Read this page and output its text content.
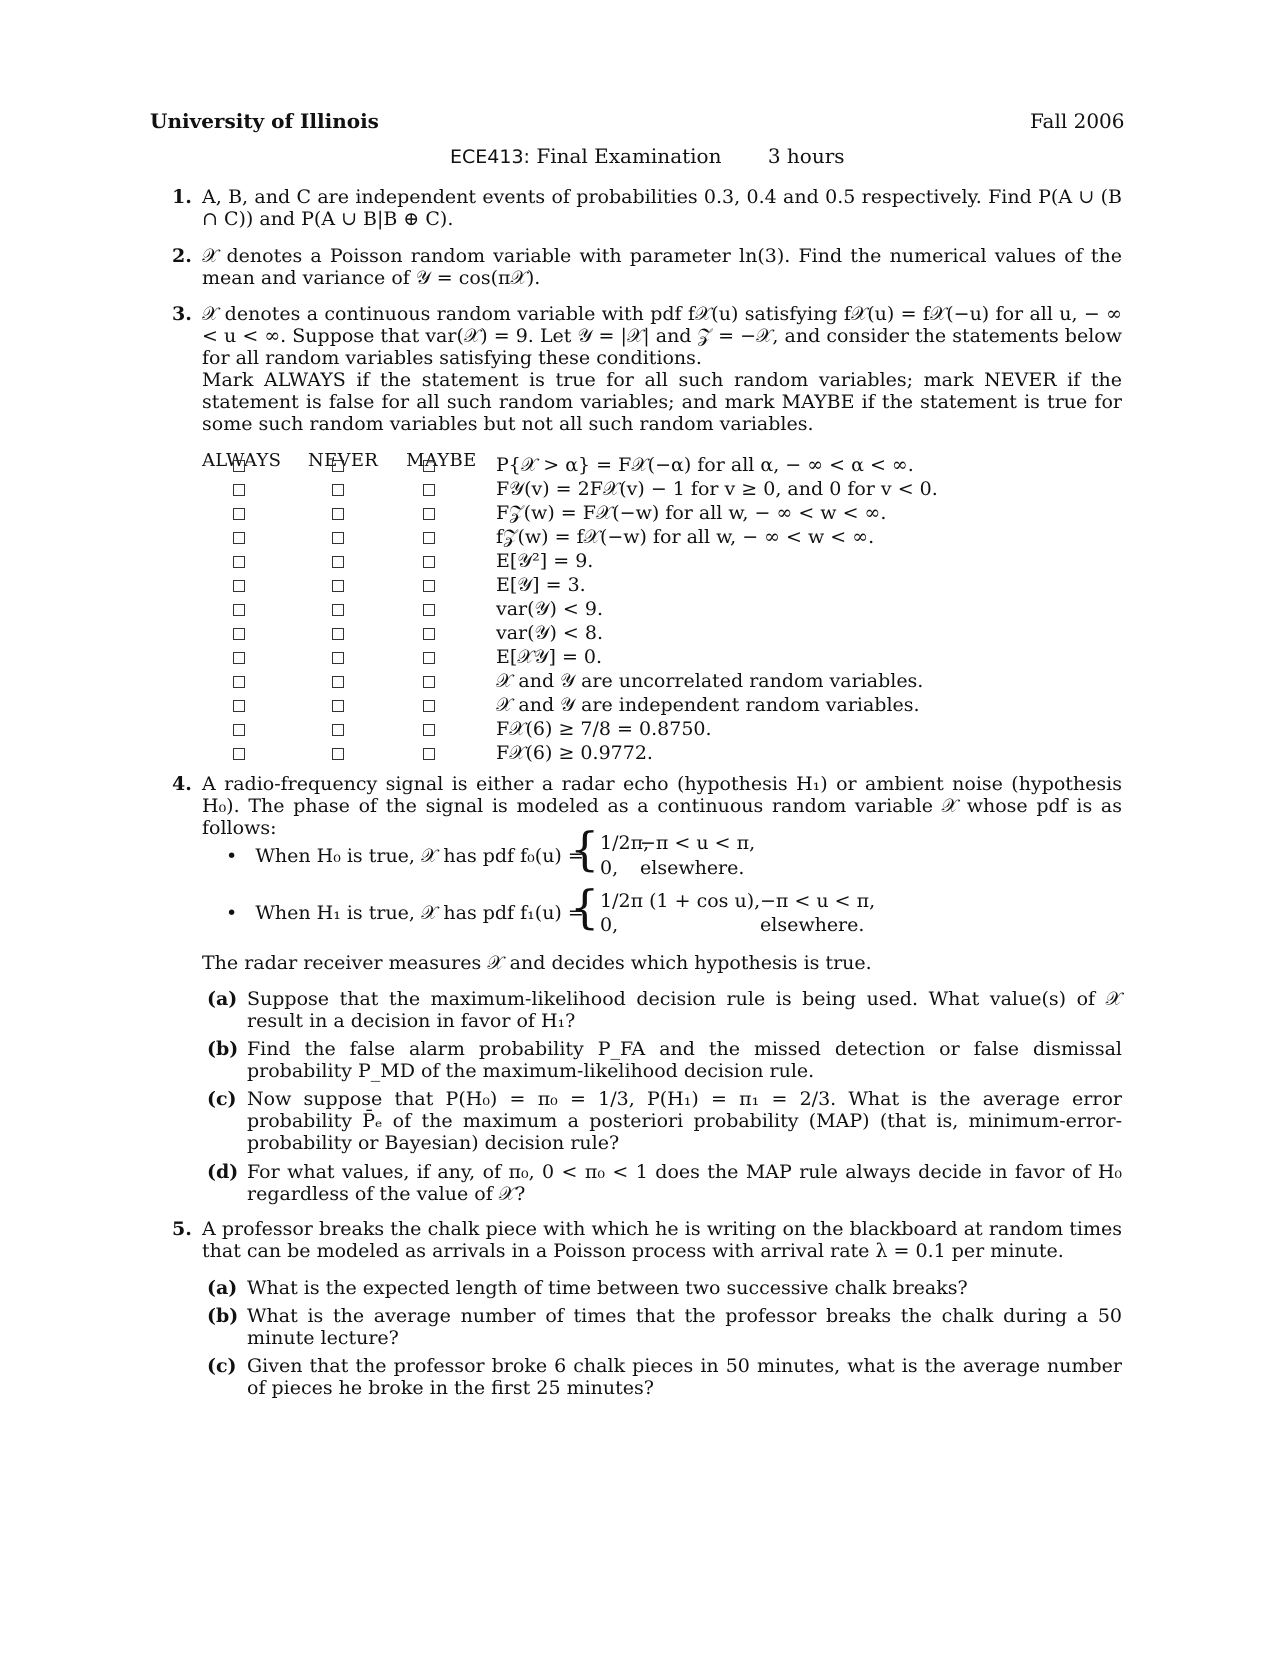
University of Illinois	Fall 2006
ECE413: Final Examination 3 hours
1. A, B, and C are independent events of probabilities 0.3, 0.4 and 0.5 respectively. Find P(A ∪ (B ∩ C)) and P(A ∪ B|B ⊕ C).
2. 𝒳 denotes a Poisson random variable with parameter ln(3). Find the numerical values of the mean and variance of 𝒴 = cos(π𝒳).
3. 𝒳 denotes a continuous random variable with pdf f𝒳(u) satisfying f𝒳(u) = f𝒳(−u) for all u, − ∞ < u < ∞. Suppose that var(𝒳) = 9. Let 𝒴 = |𝒳| and 𝒵 = −𝒳, and consider the statements below for all random variables satisfying these conditions.
Mark ALWAYS if the statement is true for all such random variables; mark NEVER if the statement is false for all such random variables; and mark MAYBE if the statement is true for some such random variables but not all such random variables.
ALWAYS NEVER MAYBE P{𝒳 > α} = F𝒳(−α) for all α, − ∞ < α < ∞.
F𝒴(v) = 2F𝒳(v) − 1 for v ≥ 0, and 0 for v < 0.
F𝒵(w) = F𝒳(−w) for all w, − ∞ < w < ∞.
f𝒵(w) = f𝒳(−w) for all w, − ∞ < w < ∞.
E[𝒴²] = 9.
E[𝒴] = 3.
var(𝒴) < 9.
var(𝒴) < 8.
E[𝒳𝒴] = 0.
𝒳 and 𝒴 are uncorrelated random variables.
𝒳 and 𝒴 are independent random variables.
F𝒳(6) ≥ 7/8 = 0.8750.
F𝒳(6) ≥ 0.9772.
4. A radio-frequency signal is either a radar echo (hypothesis H₁) or ambient noise (hypothesis H₀). The phase of the signal is modeled as a continuous random variable 𝒳 whose pdf is as follows:
•   When H₀ is true, 𝒳 has pdf f₀(u) =
{ 1/2π,
−π < u < π,
0, elsewhere.
•   When H₁ is true, 𝒳 has pdf f₁(u) =
{ 1/2π (1 + cos u), −π < u < π,
0,	elsewhere.
The radar receiver measures 𝒳 and decides which hypothesis is true.
(a) Suppose that the maximum-likelihood decision rule is being used. What value(s) of 𝒳 result in a decision in favor of H₁?
(b) Find the false alarm probability P_FA and the missed detection or false dismissal probability P_MD of the maximum-likelihood decision rule.
(c) Now suppose that P(H₀) = π₀ = 1/3, P(H₁) = π₁ = 2/3. What is the average error probability P̄ₑ of the maximum a posteriori probability (MAP) (that is, minimum-error-probability or Bayesian) decision rule?
(d) For what values, if any, of π₀, 0 < π₀ < 1 does the MAP rule always decide in favor of H₀ regardless of the value of 𝒳?
5. A professor breaks the chalk piece with which he is writing on the blackboard at random times that can be modeled as arrivals in a Poisson process with arrival rate λ = 0.1 per minute.
(a) What is the expected length of time between two successive chalk breaks?
(b) What is the average number of times that the professor breaks the chalk during a 50 minute lecture?
(c) Given that the professor broke 6 chalk pieces in 50 minutes, what is the average number of pieces he broke in the first 25 minutes?
